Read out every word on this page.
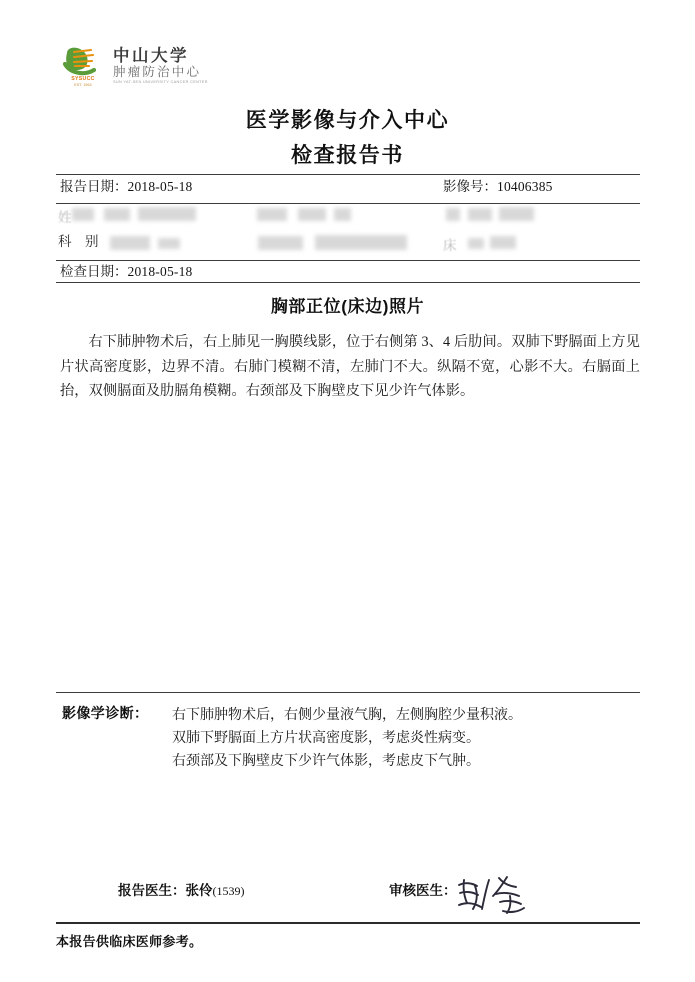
SYSUCC
EST. 1964
中山大学
肿瘤防治中心
SUN YAT-SEN UNIVERSITY CANCER CENTER
医学影像与介入中心
检查报告书
报告日期：2018-05-18	影像号：10406385
姓
科　别	床
检查日期：2018-05-18
胸部正位(床边)照片
右下肺肿物术后，右上肺见一胸膜线影，位于右侧第 3、4 后肋间。双肺下野膈面上方见片状高密度影，边界不清。右肺门模糊不清，左肺门不大。纵隔不宽，心影不大。右膈面上抬，双侧膈面及肋膈角模糊。右颈部及下胸壁皮下见少许气体影。
影像学诊断： 右下肺肿物术后，右侧少量液气胸，左侧胸腔少量积液。
双肺下野膈面上方片状高密度影，考虑炎性病变。
右颈部及下胸壁皮下少许气体影，考虑皮下气肿。
报告医生：张伶(1539)	审核医生：
本报告供临床医师参考。
